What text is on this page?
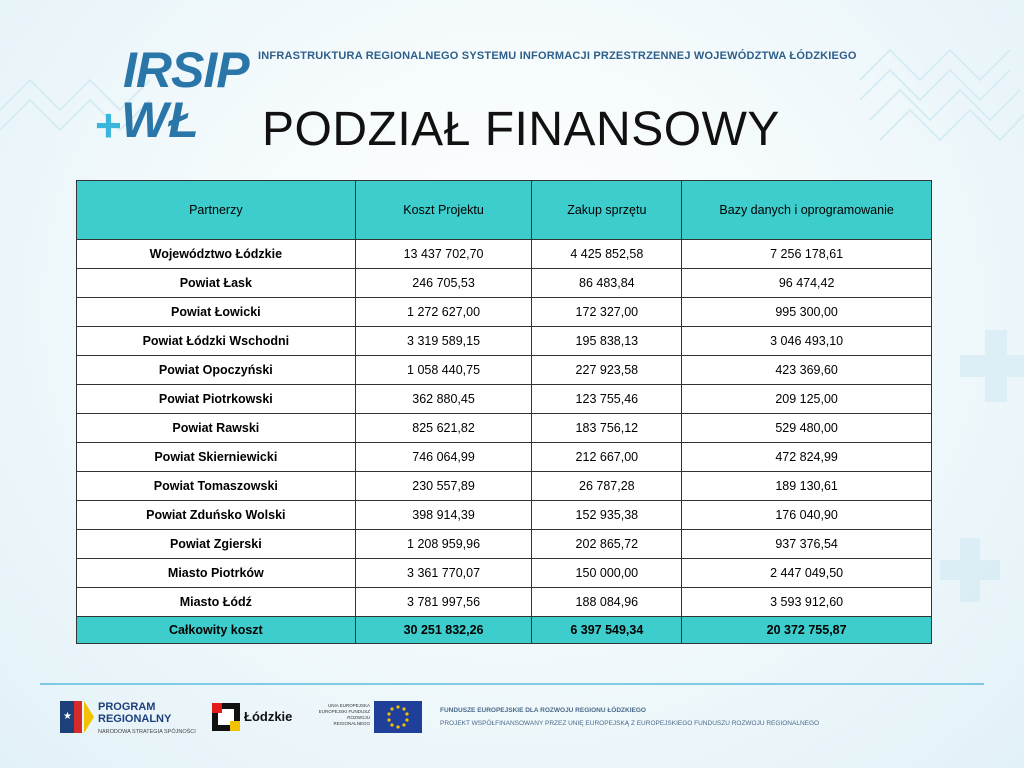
IRSIP
+ WŁ
INFRASTRUKTURA REGIONALNEGO SYSTEMU INFORMACJI PRZESTRZENNEJ WOJEWÓDZTWA ŁÓDZKIEGO
PODZIAŁ FINANSOWY
Partnerzy	Koszt Projektu	Zakup sprzętu	Bazy danych i oprogramowanie
Województwo Łódzkie	13 437 702,70	4 425 852,58	7 256 178,61
Powiat Łask	246 705,53	86 483,84	96 474,42
Powiat Łowicki	1 272 627,00	172 327,00	995 300,00
Powiat Łódzki Wschodni	3 319 589,15	195 838,13	3 046 493,10
Powiat Opoczyński	1 058 440,75	227 923,58	423 369,60
Powiat Piotrkowski	362 880,45	123 755,46	209 125,00
Powiat Rawski	825 621,82	183 756,12	529 480,00
Powiat Skierniewicki	746 064,99	212 667,00	472 824,99
Powiat Tomaszowski	230 557,89	26 787,28	189 130,61
Powiat Zduńsko Wolski	398 914,39	152 935,38	176 040,90
Powiat Zgierski	1 208 959,96	202 865,72	937 376,54
Miasto Piotrków	3 361 770,07	150 000,00	2 447 049,50
Miasto Łódź	3 781 997,56	188 084,96	3 593 912,60
Całkowity koszt	30 251 832,26	6 397 549,34	20 372 755,87
★
PROGRAM
REGIONALNY
NARODOWA STRATEGIA SPÓJNOŚCI
Łódzkie
UNIA EUROPEJSKA EUROPEJSKI FUNDUSZ ROZWOJU REGIONALNEGO
FUNDUSZE EUROPEJSKIE DLA ROZWOJU REGIONU ŁÓDZKIEGO
PROJEKT WSPÓŁFINANSOWANY PRZEZ UNIĘ EUROPEJSKĄ Z EUROPEJSKIEGO FUNDUSZU ROZWOJU REGIONALNEGO
